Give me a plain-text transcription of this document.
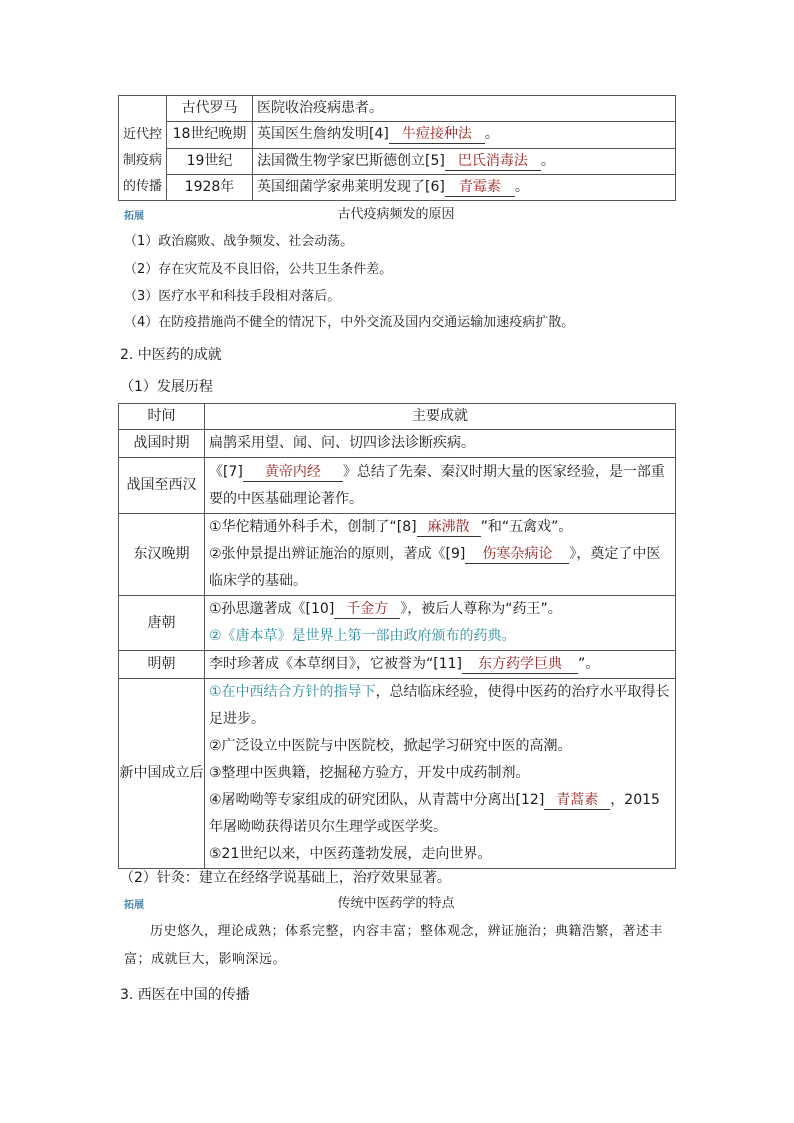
近代控制疫病的传播	古代罗马	医院收治疫病患者。
	18世纪晚期	英国医生詹纳发明[4] 牛痘接种法 。
	19世纪	法国微生物学家巴斯德创立[5] 巴氏消毒法 。
	1928年	英国细菌学家弗莱明发现了[6] 青霉素 。
古代疫病频发的原因
拓展
（1）政治腐败、战争频发、社会动荡。
（2）存在灾荒及不良旧俗，公共卫生条件差。
（3）医疗水平和科技手段相对落后。
（4）在防疫措施尚不健全的情况下，中外交流及国内交通运输加速疫病扩散。
2. 中医药的成就
（1）发展历程
时间	主要成就
战国时期	扁鹊采用望、闻、问、切四诊法诊断疾病。
战国至西汉	《[7] 黄帝内经 》总结了先秦、秦汉时期大量的医家经验，是一部重要的中医基础理论著作。
东汉晚期	①华佗精通外科手术，创制了“[8] 麻沸散 ”和“五禽戏”。
②张仲景提出辨证施治的原则，著成《[9] 伤寒杂病论 》，奠定了中医临床学的基础。

唐朝	①孙思邈著成《[10] 千金方 》，被后人尊称为“药王”。
②《唐本草》是世界上第一部由政府颁布的药典。

明朝	李时珍著成《本草纲目》，它被誉为“[11] 东方药学巨典 ”。
新中国成立后	①在中西结合方针的指导下，总结临床经验，使得中医药的治疗水平取得长足进步。
②广泛设立中医院与中医院校，掀起学习研究中医的高潮。
③整理中医典籍，挖掘秘方验方，开发中成药制剂。
④屠呦呦等专家组成的研究团队，从青蒿中分离出[12] 青蒿素 ，2015年屠呦呦获得诺贝尔生理学或医学奖。
⑤21世纪以来，中医药蓬勃发展，走向世界。
（2）针灸：建立在经络学说基础上，治疗效果显著。
传统中医药学的特点
拓展
历史悠久，理论成熟；体系完整，内容丰富；整体观念，辨证施治；典籍浩繁，著述丰富；成就巨大，影响深远。
3. 西医在中国的传播
